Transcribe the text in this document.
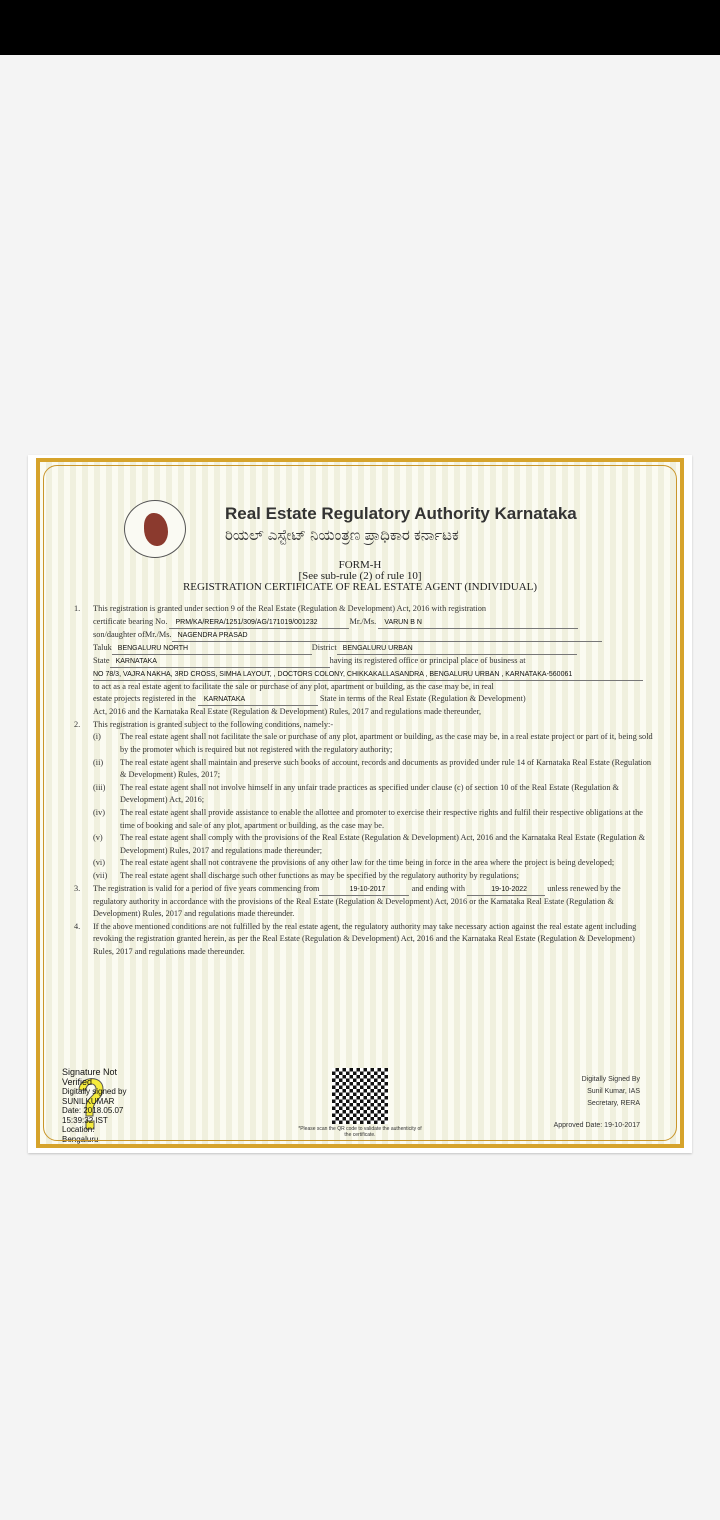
Real Estate Regulatory Authority Karnataka
ರಿಯಲ್ ಎಸ್ಟೇಟ್ ನಿಯಂತ್ರಣ ಪ್ರಾಧಿಕಾರ ಕರ್ನಾಟಕ
FORM-H
[See sub-rule (2) of rule 10]
REGISTRATION CERTIFICATE OF REAL ESTATE AGENT (INDIVIDUAL)
1.	This registration is granted under section 9 of the Real Estate (Regulation & Development) Act, 2016 with registration
certificate bearing No. PRM/KA/RERA/1251/309/AG/171019/001232	Mr./Ms. VARUN B N
son/daughter ofMr./Ms. NAGENDRA PRASAD
Taluk BENGALURU NORTH	District BENGALURU URBAN
State KARNATAKA	having its registered office or principal place of business at
NO 78/3, VAJRA NAKHA, 3RD CROSS, SIMHA LAYOUT, , DOCTORS COLONY, CHIKKAKALLASANDRA , BENGALURU URBAN , KARNATAKA-560061
to act as a real estate agent to facilitate the sale or purchase of any plot, apartment or building, as the case may be, in real
estate projects registered in the KARNATAKA	State in terms of the Real Estate (Regulation & Development)
Act, 2016 and the Karnataka Real Estate (Regulation & Development) Rules, 2017 and regulations made thereunder,
2.	This registration is granted subject to the following conditions, namely:-
(i)	The real estate agent shall not facilitate the sale or purchase of any plot, apartment or building, as the case may be, in a real estate project or part of it, being sold by the promoter which is required but not registered with the regulatory authority;
(ii)	The real estate agent shall maintain and preserve such books of account, records and documents as provided under rule 14 of Karnataka Real Estate (Regulation & Development) Rules, 2017;
(iii)	The real estate agent shall not involve himself in any unfair trade practices as specified under clause (c) of section 10 of the Real Estate (Regulation & Development) Act, 2016;
(iv)	The real estate agent shall provide assistance to enable the allottee and promoter to exercise their respective rights and fulfil their respective obligations at the time of booking and sale of any plot, apartment or building, as the case may be.
(v)	The real estate agent shall comply with the provisions of the Real Estate (Regulation & Development) Act, 2016 and the Karnataka Real Estate (Regulation & Development) Rules, 2017 and regulations made thereunder;
(vi)	The real estate agent shall not contravene the provisions of any other law for the time being in force in the area where the project is being developed;
(vii)	The real estate agent shall discharge such other functions as may be specified by the regulatory authority by regulations;
3.	The registration is valid for a period of five years commencing from	19-10-2017	and ending with	19-10-2022 unless renewed by the regulatory authority in accordance with the provisions of the Real Estate (Regulation & Development) Act, 2016 or the Karnataka Real Estate (Regulation & Development) Rules, 2017 and regulations made thereunder.
4.	If the above mentioned conditions are not fulfilled by the real estate agent, the regulatory authority may take necessary action against the real estate agent including revoking the registration granted herein, as per the Real Estate (Regulation & Development) Act, 2016 and the Karnataka Real Estate (Regulation & Development) Rules, 2017 and regulations made thereunder.
Signature Not Verified
Digitally signed by
SUNILKUMAR
Date: 2018.05.07
15:39:32 IST
Location:
Bengaluru
*Please scan the QR code to validate the authenticity of the certificate.
Digitally Signed By
Sunil Kumar, IAS
Secretary, RERA
Approved Date: 19-10-2017
